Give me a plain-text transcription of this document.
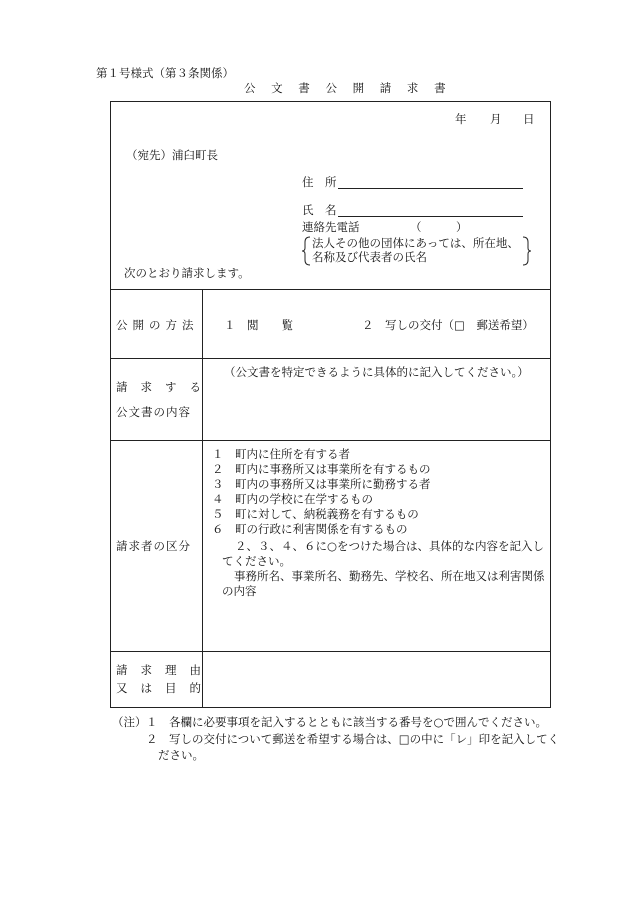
第１号様式（第３条関係）
公 文 書 公 開 請 求 書
年 月 日
（宛先）浦臼町長
住　所
氏　名
連絡先電話	（　　　）
法人その他の団体にあっては、所在地、
名称及び代表者の氏名
次のとおり請求します。
公開の方法 １　閲　　覧	２　写しの交付（□　郵送希望）
請求する
公文書の内容
（公文書を特定できるように具体的に記入してください。）
請求者の区分
１　町内に住所を有する者
２　町内に事務所又は事業所を有するもの
３　町内の事務所又は事業所に勤務する者
４　町内の学校に在学するもの
５　町に対して、納税義務を有するもの
６　町の行政に利害関係を有するもの
２、３、４、６に○をつけた場合は、具体的な内容を記入し
てください。
事務所名、事業所名、勤務先、学校名、所在地又は利害関係
の内容
請求理由
又は目的
（注） １　各欄に必要事項を記入するとともに該当する番号を○で囲んでください。
２　写しの交付について郵送を希望する場合は、□の中に「レ」印を記入してく
ださい。
